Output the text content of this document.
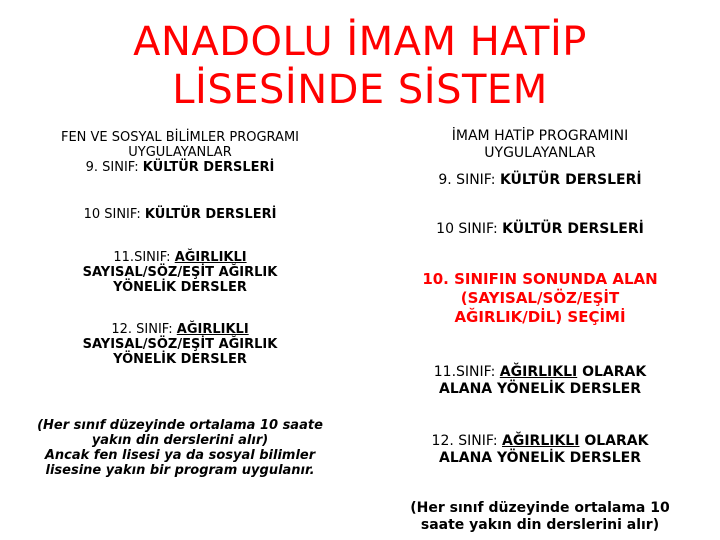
ANADOLU İMAM HATİP
LİSESİNDE SİSTEM
FEN VE SOSYAL BİLİMLER PROGRAMI
UYGULAYANLAR
9. SINIF: KÜLTÜR DERSLERİ
10 SINIF: KÜLTÜR DERSLERİ
11.SINIF: AĞIRLIKLI
SAYISAL/SÖZ/EŞİT AĞIRLIK
YÖNELİK DERSLER
12. SINIF: AĞIRLIKLI
SAYISAL/SÖZ/EŞİT AĞIRLIK
YÖNELİK DERSLER
(Her sınıf düzeyinde ortalama 10 saate
yakın din derslerini alır)
Ancak fen lisesi ya da sosyal bilimler
lisesine yakın bir program uygulanır.
İMAM HATİP PROGRAMINI
UYGULAYANLAR
9. SINIF: KÜLTÜR DERSLERİ
10 SINIF: KÜLTÜR DERSLERİ
10. SINIFIN SONUNDA ALAN
(SAYISAL/SÖZ/EŞİT
AĞIRLIK/DİL) SEÇİMİ
11.SINIF: AĞIRLIKLI OLARAK
ALANA YÖNELİK DERSLER
12. SINIF: AĞIRLIKLI OLARAK
ALANA YÖNELİK DERSLER
(Her sınıf düzeyinde ortalama 10
saate yakın din derslerini alır)
